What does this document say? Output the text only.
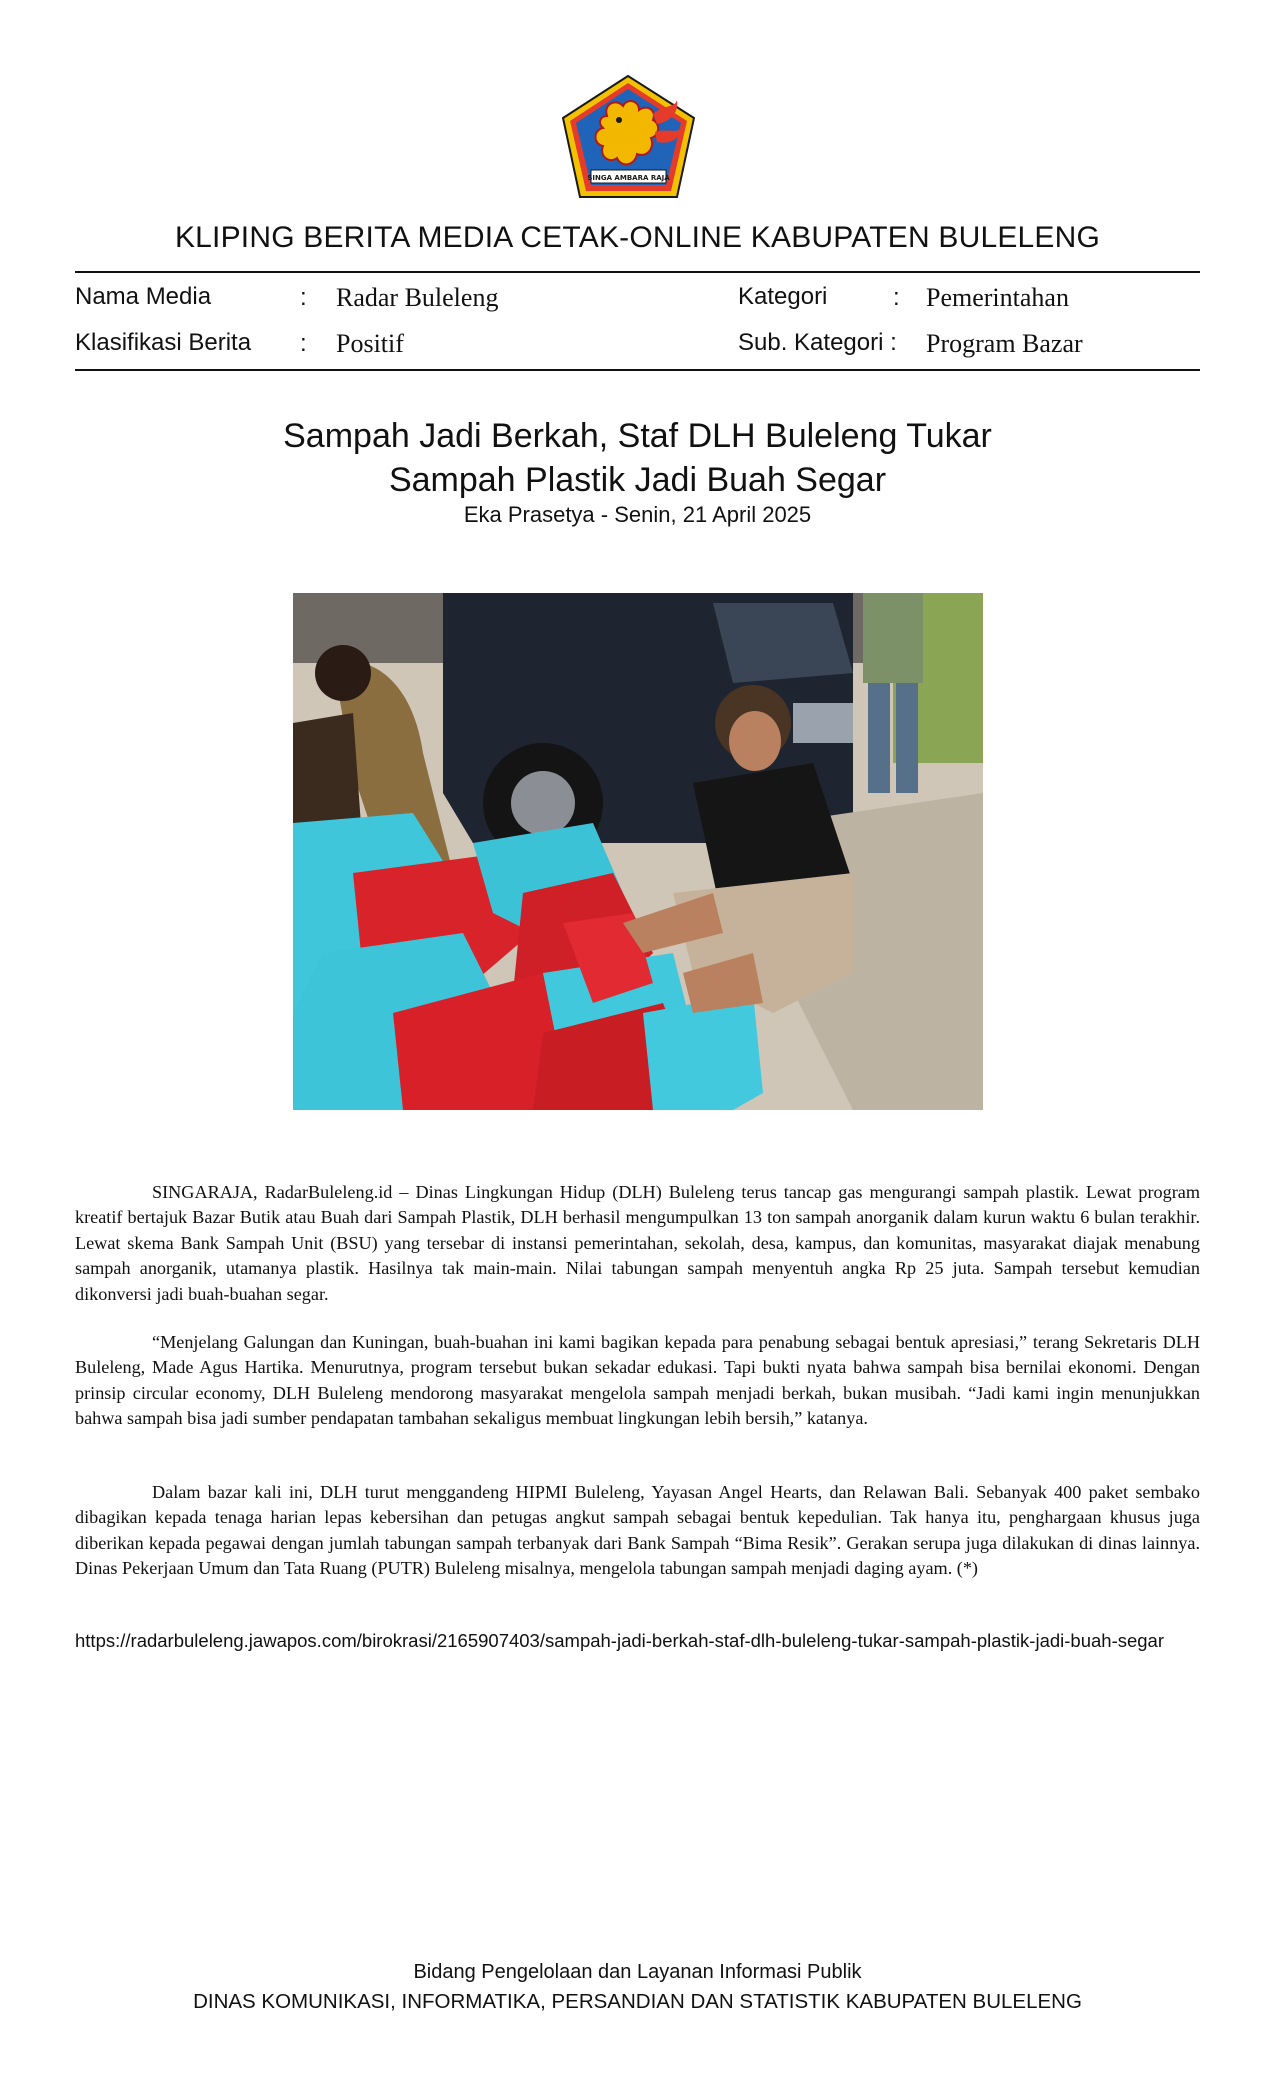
SINGA AMBARA RAJA
KLIPING BERITA MEDIA CETAK-ONLINE KABUPATEN BULELENG
Nama Media	: Radar Buleleng	Kategori	: Pemerintahan
Klasifikasi Berita : Positif	Sub. Kategori : Program Bazar
Sampah Jadi Berkah, Staf DLH Buleleng Tukar
Sampah Plastik Jadi Buah Segar
Eka Prasetya - Senin, 21 April 2025

SINGARAJA, RadarBuleleng.id – Dinas Lingkungan Hidup (DLH) Buleleng terus tancap gas mengurangi sampah plastik. Lewat program kreatif bertajuk Bazar Butik atau Buah dari Sampah Plastik, DLH berhasil mengumpulkan 13 ton sampah anorganik dalam kurun waktu 6 bulan terakhir. Lewat skema Bank Sampah Unit (BSU) yang tersebar di instansi pemerintahan, sekolah, desa, kampus, dan komunitas, masyarakat diajak menabung sampah anorganik, utamanya plastik. Hasilnya tak main-main. Nilai tabungan sampah menyentuh angka Rp 25 juta. Sampah tersebut kemudian dikonversi jadi buah-buahan segar.

“Menjelang Galungan dan Kuningan, buah-buahan ini kami bagikan kepada para penabung sebagai bentuk apresiasi,” terang Sekretaris DLH Buleleng, Made Agus Hartika. Menurutnya, program tersebut bukan sekadar edukasi. Tapi bukti nyata bahwa sampah bisa bernilai ekonomi. Dengan prinsip circular economy, DLH Buleleng mendorong masyarakat mengelola sampah menjadi berkah, bukan musibah. “Jadi kami ingin menunjukkan bahwa sampah bisa jadi sumber pendapatan tambahan sekaligus membuat lingkungan lebih bersih,” katanya.

Dalam bazar kali ini, DLH turut menggandeng HIPMI Buleleng, Yayasan Angel Hearts, dan Relawan Bali. Sebanyak 400 paket sembako dibagikan kepada tenaga harian lepas kebersihan dan petugas angkut sampah sebagai bentuk kepedulian. Tak hanya itu, penghargaan khusus juga diberikan kepada pegawai dengan jumlah tabungan sampah terbanyak dari Bank Sampah “Bima Resik”. Gerakan serupa juga dilakukan di dinas lainnya. Dinas Pekerjaan Umum dan Tata Ruang (PUTR) Buleleng misalnya, mengelola tabungan sampah menjadi daging ayam. (*)

https://radarbuleleng.jawapos.com/birokrasi/2165907403/sampah-jadi-berkah-staf-dlh-buleleng-tukar-sampah-plastik-jadi-buah-segar
Bidang Pengelolaan dan Layanan Informasi Publik
DINAS KOMUNIKASI, INFORMATIKA, PERSANDIAN DAN STATISTIK KABUPATEN BULELENG
